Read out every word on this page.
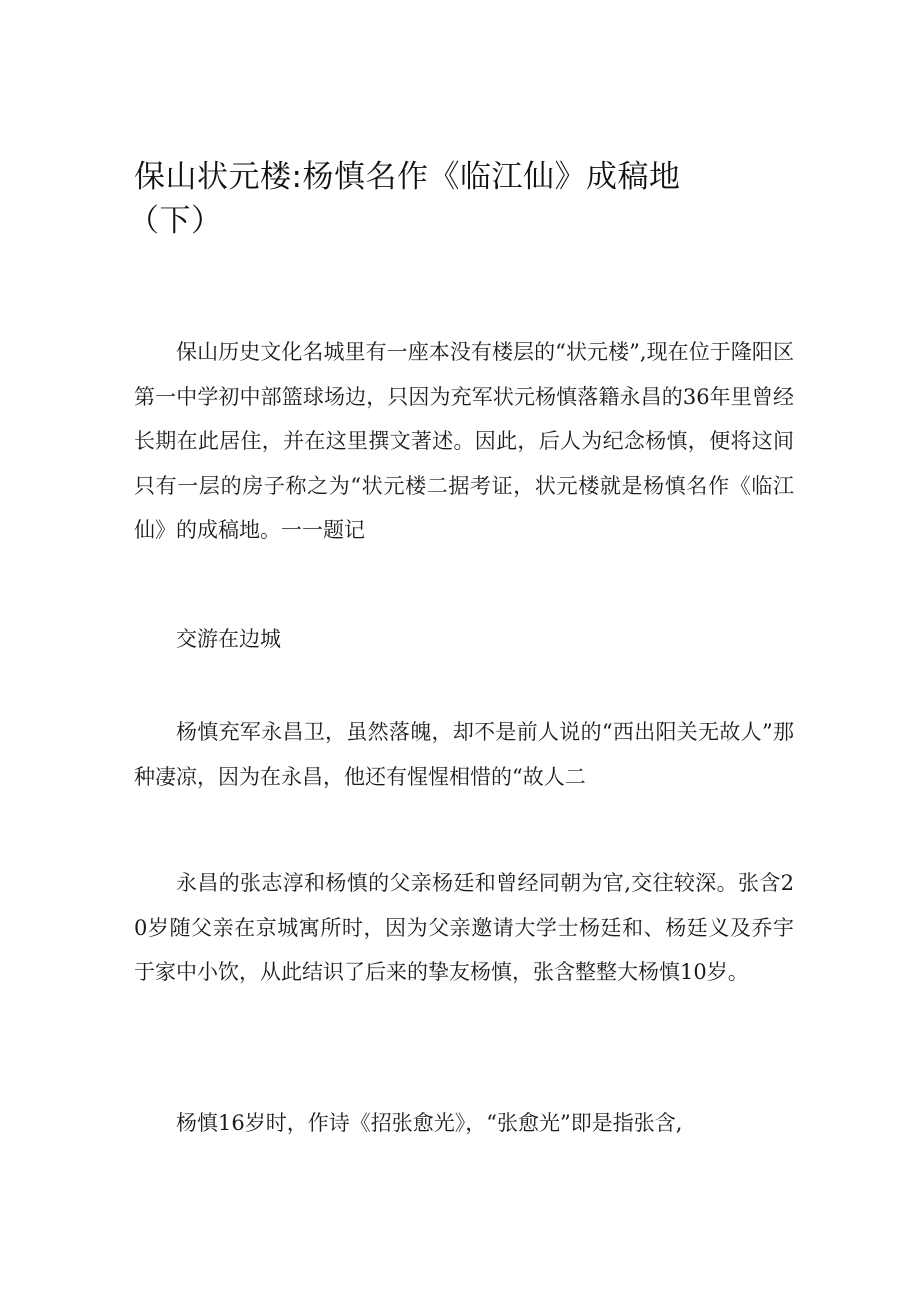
保山状元楼:杨慎名作《临江仙》成稿地
（下）

保山历史文化名城里有一座本没有楼层的“状元楼”,现在位于隆阳区第一中学初中部篮球场边，只因为充军状元杨慎落籍永昌的36年里曾经长期在此居住，并在这里撰文著述。因此，后人为纪念杨慎，便将这间只有一层的房子称之为“状元楼二据考证，状元楼就是杨慎名作《临江仙》的成稿地。一一题记

交游在边城

杨慎充军永昌卫，虽然落魄，却不是前人说的“西出阳关无故人”那种凄凉，因为在永昌，他还有惺惺相惜的“故人二

永昌的张志淳和杨慎的父亲杨廷和曾经同朝为官,交往较深。张含20岁随父亲在京城寓所时，因为父亲邀请大学士杨廷和、杨廷义及乔宇于家中小饮，从此结识了后来的挚友杨慎，张含整整大杨慎10岁。

杨慎16岁时，作诗《招张愈光》，“张愈光”即是指张含,
